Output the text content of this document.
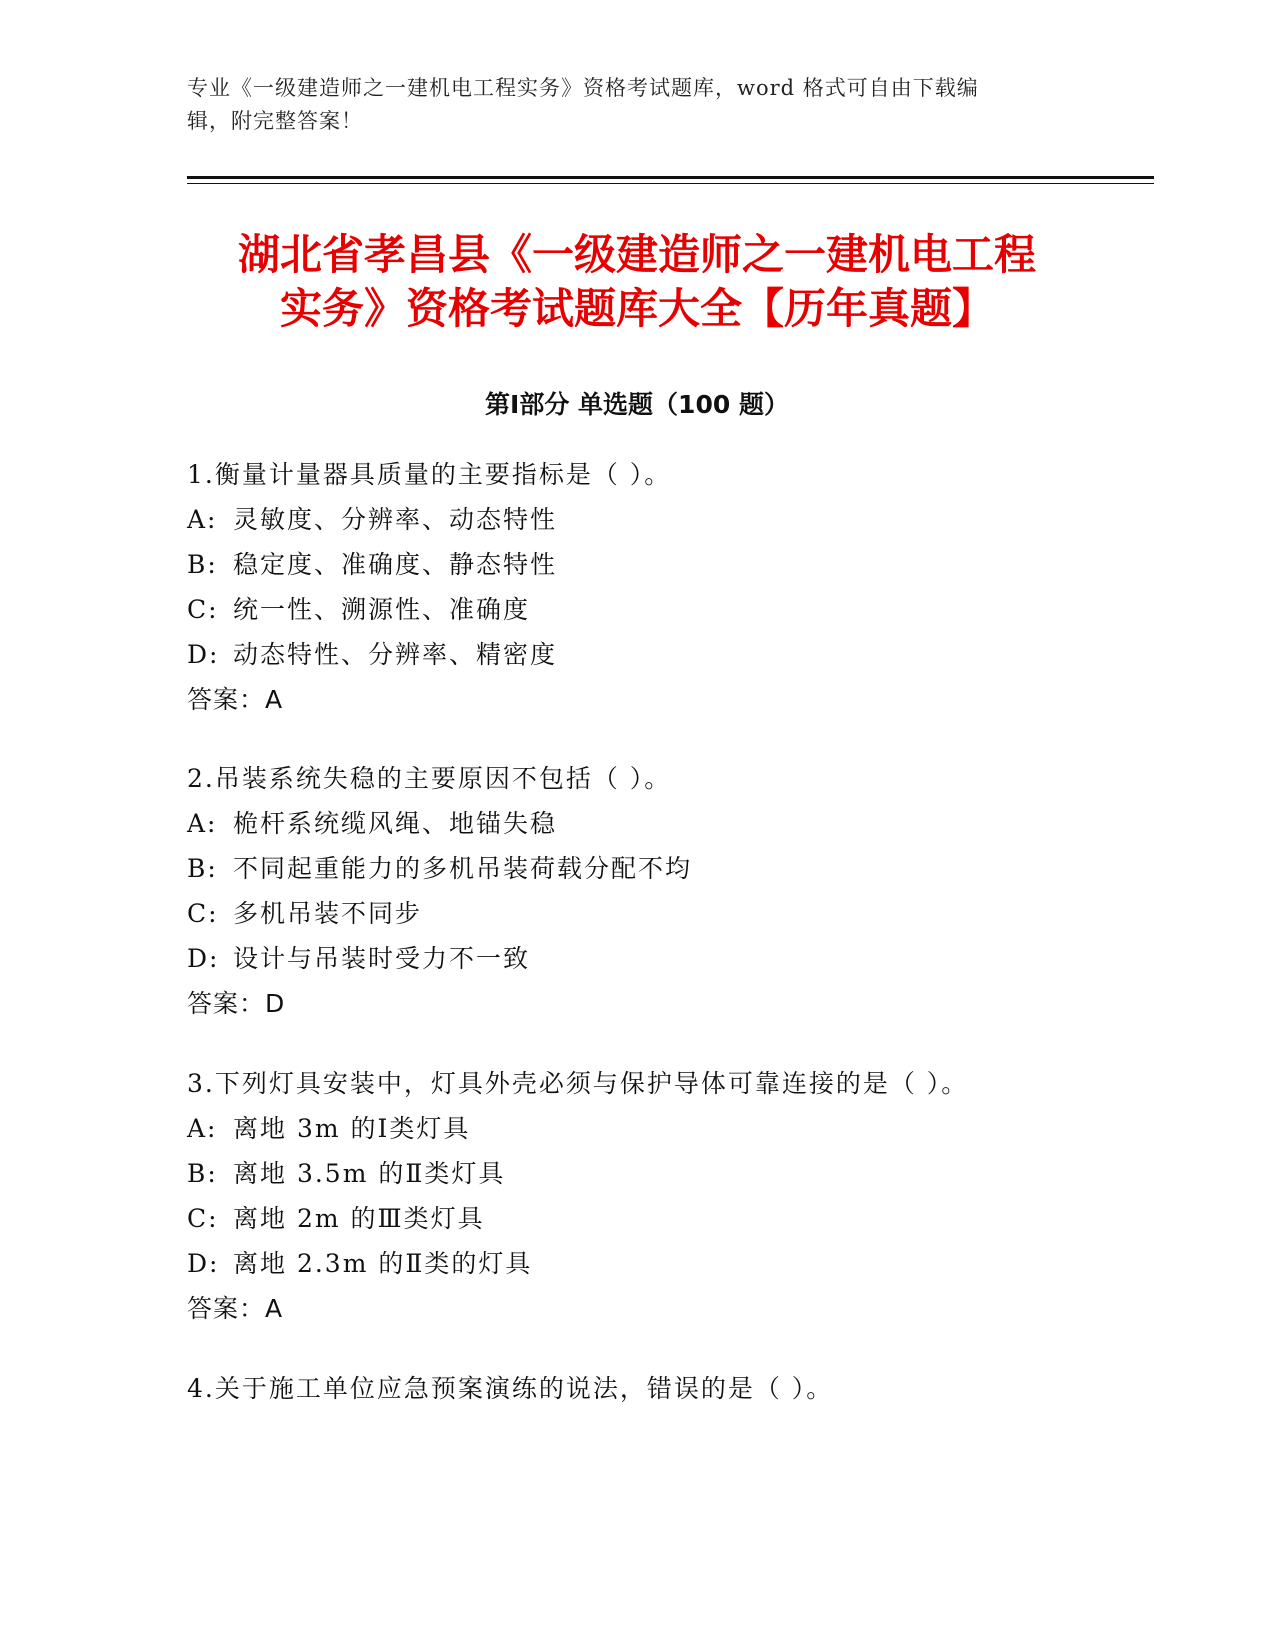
专业《一级建造师之一建机电工程实务》资格考试题库，word 格式可自由下载编
辑，附完整答案！
湖北省孝昌县《一级建造师之一建机电工程
实务》资格考试题库大全【历年真题】
第Ⅰ部分 单选题（100 题）
1.衡量计量器具质量的主要指标是（ ）。
A: 灵敏度、分辨率、动态特性
B: 稳定度、准确度、静态特性
C: 统一性、溯源性、准确度
D: 动态特性、分辨率、精密度
答案：A
2.吊装系统失稳的主要原因不包括（ ）。
A: 桅杆系统缆风绳、地锚失稳
B: 不同起重能力的多机吊装荷载分配不均
C: 多机吊装不同步
D: 设计与吊装时受力不一致
答案：D
3.下列灯具安装中，灯具外壳必须与保护导体可靠连接的是（ ）。
A: 离地 3m 的Ⅰ类灯具
B: 离地 3.5m 的Ⅱ类灯具
C: 离地 2m 的Ⅲ类灯具
D: 离地 2.3m 的Ⅱ类的灯具
答案：A
4.关于施工单位应急预案演练的说法，错误的是（ ）。
